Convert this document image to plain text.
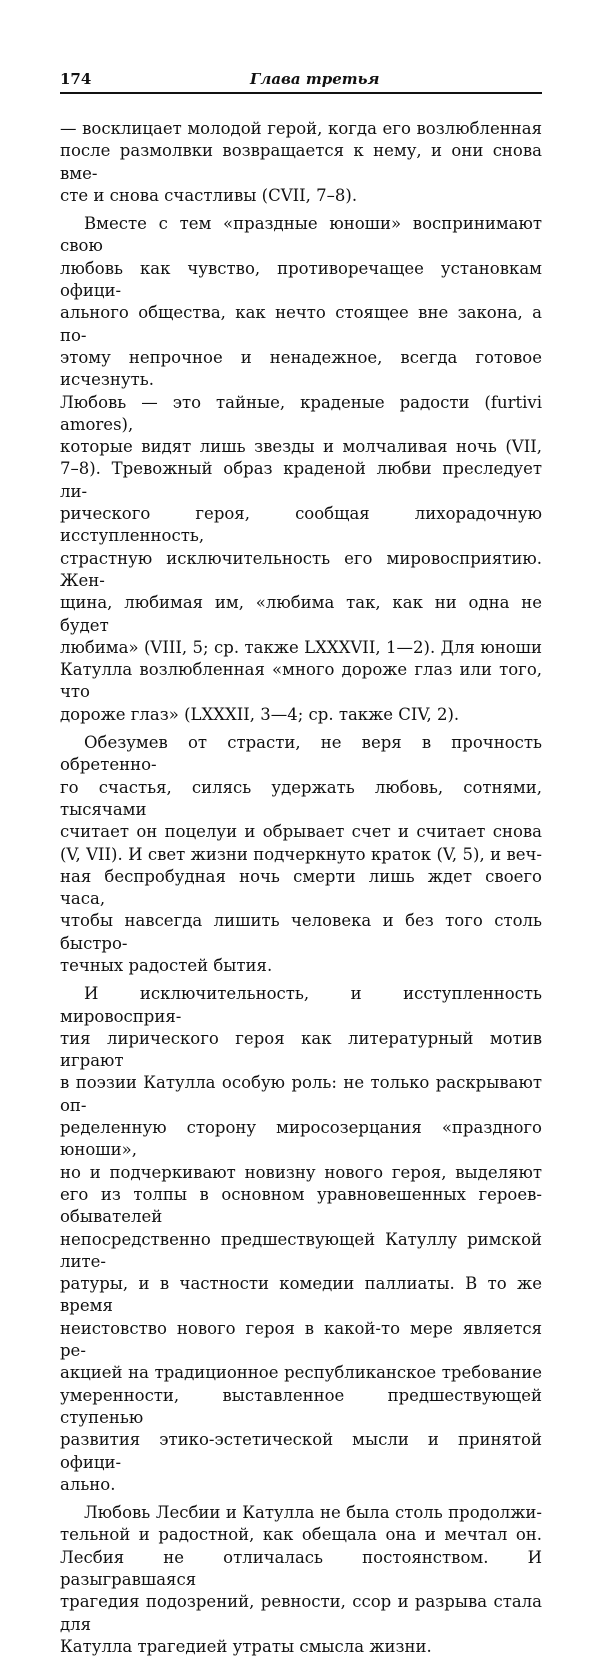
174	Глава третья

— восклицает молодой герой, когда его возлюбленная
после размолвки возвращается к нему, и они снова вме-
сте и снова счастливы (CVII, 7–8).

Вместе с тем «праздные юноши» воспринимают свою
любовь как чувство, противоречащее установкам офици-
ального общества, как нечто стоящее вне закона, а по-
этому непрочное и ненадежное, всегда готовое исчезнуть.
Любовь — это тайные, краденые радости (furtivi amores),
которые видят лишь звезды и молчаливая ночь (VII,
7–8). Тревожный образ краденой любви преследует ли-
рического героя, сообщая лихорадочную исступленность,
страстную исключительность его мировосприятию. Жен-
щина, любимая им, «любима так, как ни одна не будет
любима» (VIII, 5; ср. также LXXXVII, 1—2). Для юноши
Катулла возлюбленная «много дороже глаз или того, что
дороже глаз» (LXXXII, 3—4; ср. также CIV, 2).

Обезумев от страсти, не веря в прочность обретенно-
го счастья, силясь удержать любовь, сотнями, тысячами
считает он поцелуи и обрывает счет и считает снова
(V, VII). И свет жизни подчеркнуто краток (V, 5), и веч-
ная беспробудная ночь смерти лишь ждет своего часа,
чтобы навсегда лишить человека и без того столь быстро-
течных радостей бытия.

И исключительность, и исступленность мировосприя-
тия лирического героя как литературный мотив играют
в поэзии Катулла особую роль: не только раскрывают оп-
ределенную сторону миросозерцания «праздного юноши»,
но и подчеркивают новизну нового героя, выделяют
его из толпы в основном уравновешенных героев-обывателей
непосредственно предшествующей Катуллу римской лите-
ратуры, и в частности комедии паллиаты. В то же время
неистовство нового героя в какой-то мере является ре-
акцией на традиционное республиканское требование
умеренности, выставленное предшествующей ступенью
развития этико-эстетической мысли и принятой офици-
ально.

Любовь Лесбии и Катулла не была столь продолжи-
тельной и радостной, как обещала она и мечтал он.
Лесбия не отличалась постоянством. И разыгравшаяся
трагедия подозрений, ревности, ссор и разрыва стала для
Катулла трагедией утраты смысла жизни.
